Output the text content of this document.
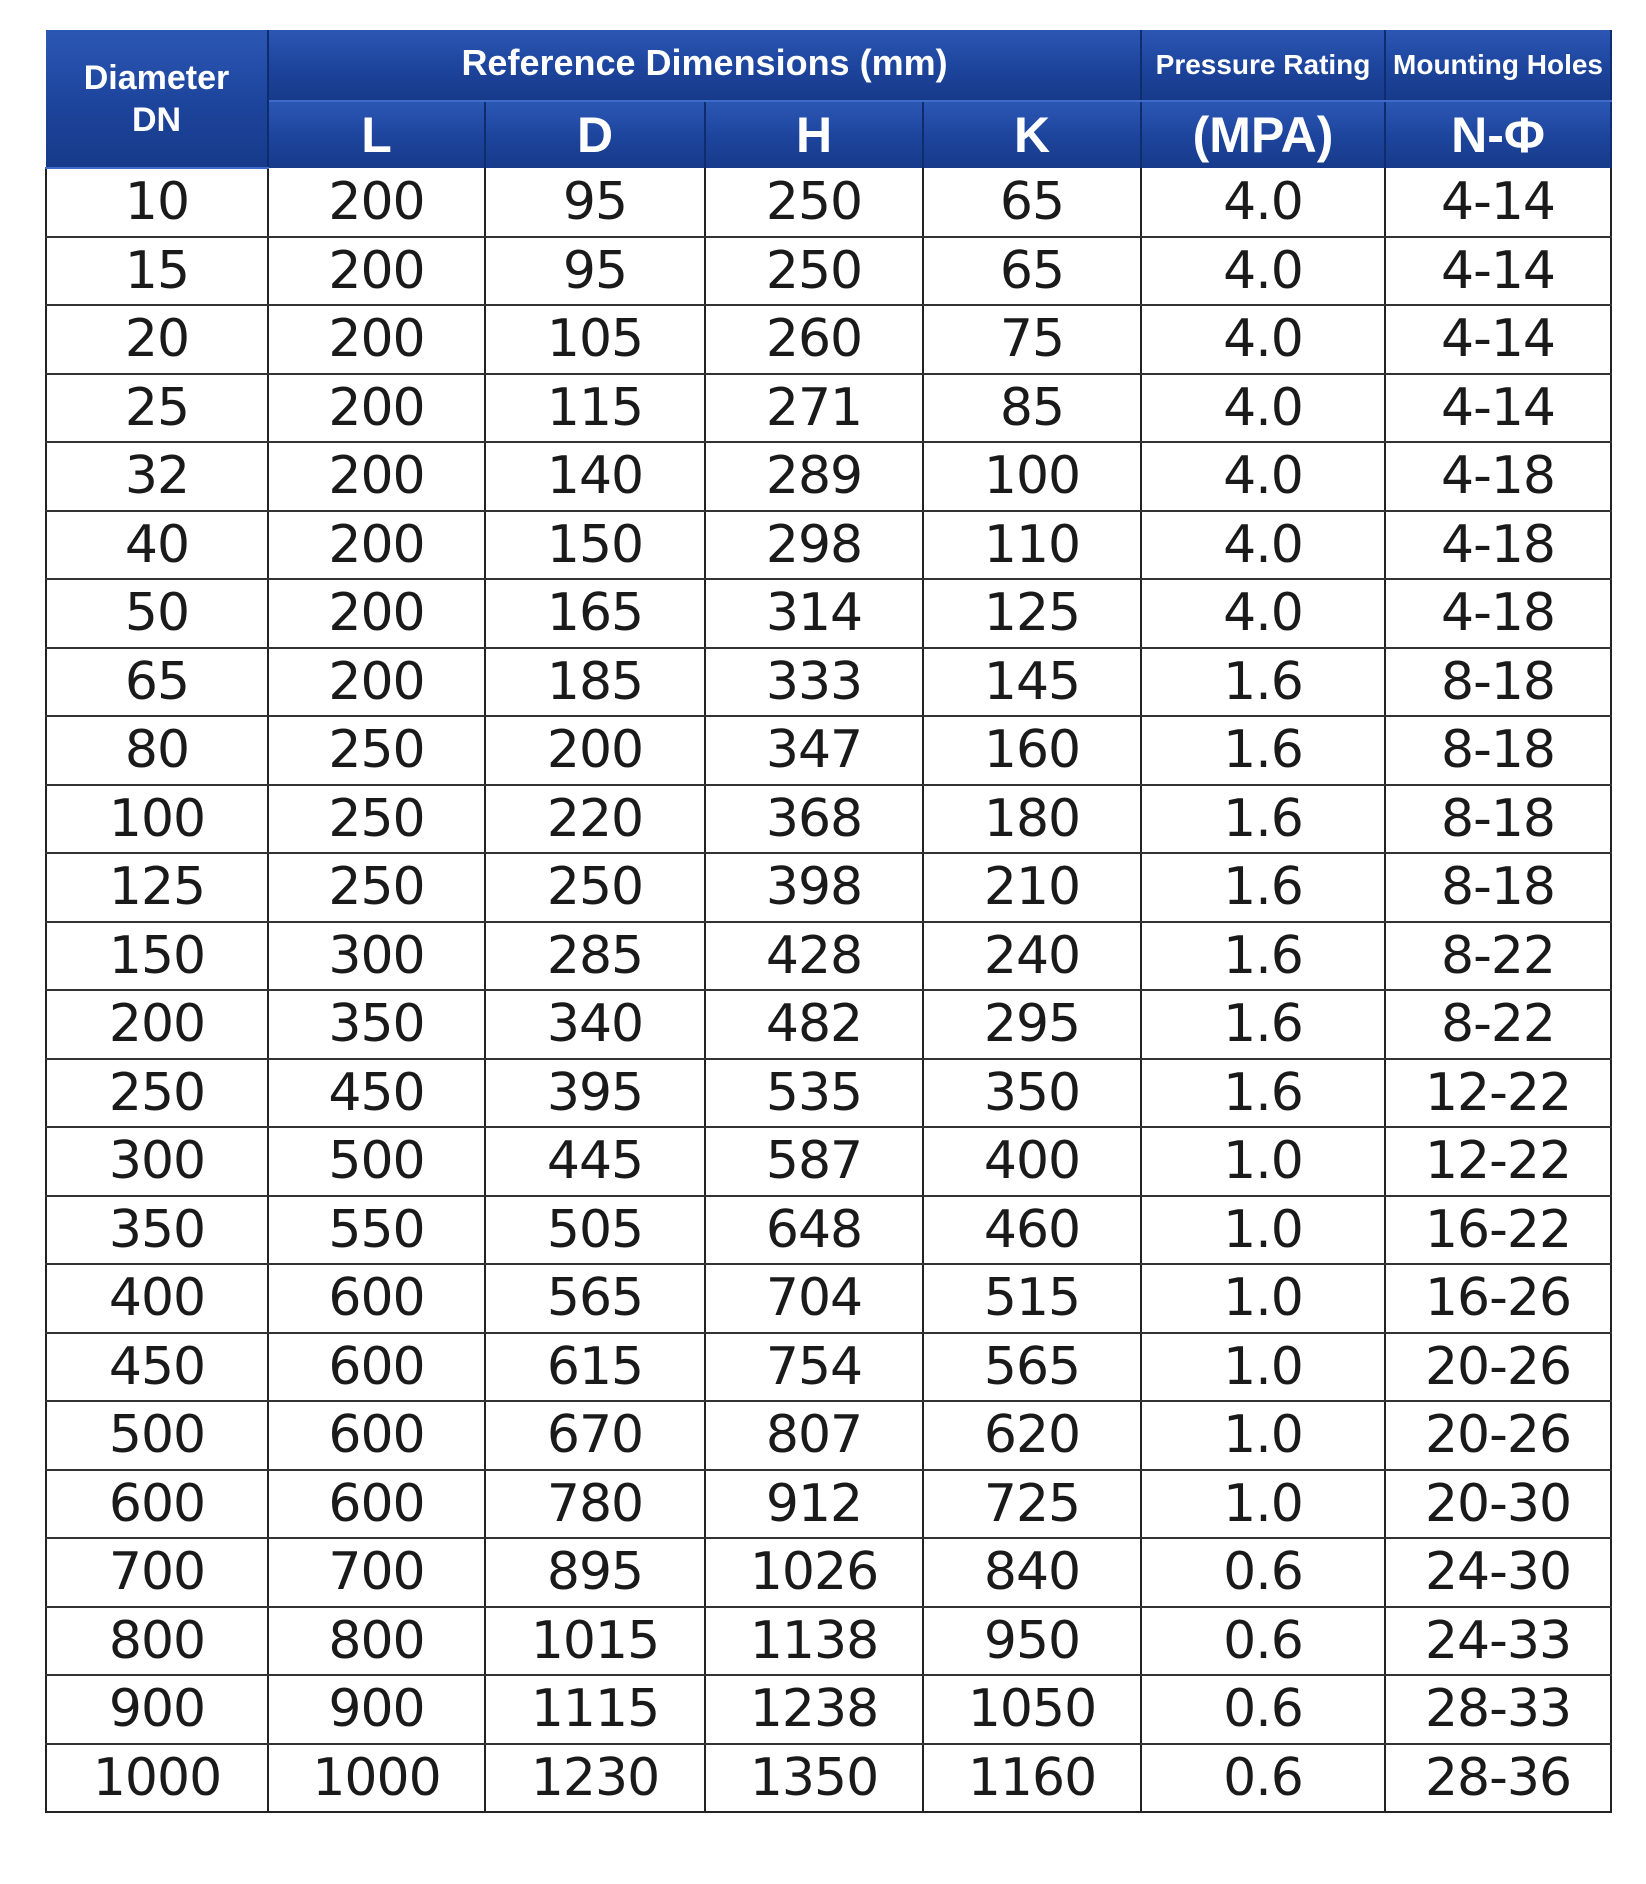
Diameter
DN	Reference Dimensions (mm)				Pressure Rating	Mounting Holes
	L	D	H	K	(MPA)	N-Φ
10	200	95	250	65	4.0	4-14
15	200	95	250	65	4.0	4-14
20	200	105	260	75	4.0	4-14
25	200	115	271	85	4.0	4-14
32	200	140	289	100	4.0	4-18
40	200	150	298	110	4.0	4-18
50	200	165	314	125	4.0	4-18
65	200	185	333	145	1.6	8-18
80	250	200	347	160	1.6	8-18
100	250	220	368	180	1.6	8-18
125	250	250	398	210	1.6	8-18
150	300	285	428	240	1.6	8-22
200	350	340	482	295	1.6	8-22
250	450	395	535	350	1.6	12-22
300	500	445	587	400	1.0	12-22
350	550	505	648	460	1.0	16-22
400	600	565	704	515	1.0	16-26
450	600	615	754	565	1.0	20-26
500	600	670	807	620	1.0	20-26
600	600	780	912	725	1.0	20-30
700	700	895	1026	840	0.6	24-30
800	800	1015	1138	950	0.6	24-33
900	900	1115	1238	1050	0.6	28-33
1000	1000	1230	1350	1160	0.6	28-36
